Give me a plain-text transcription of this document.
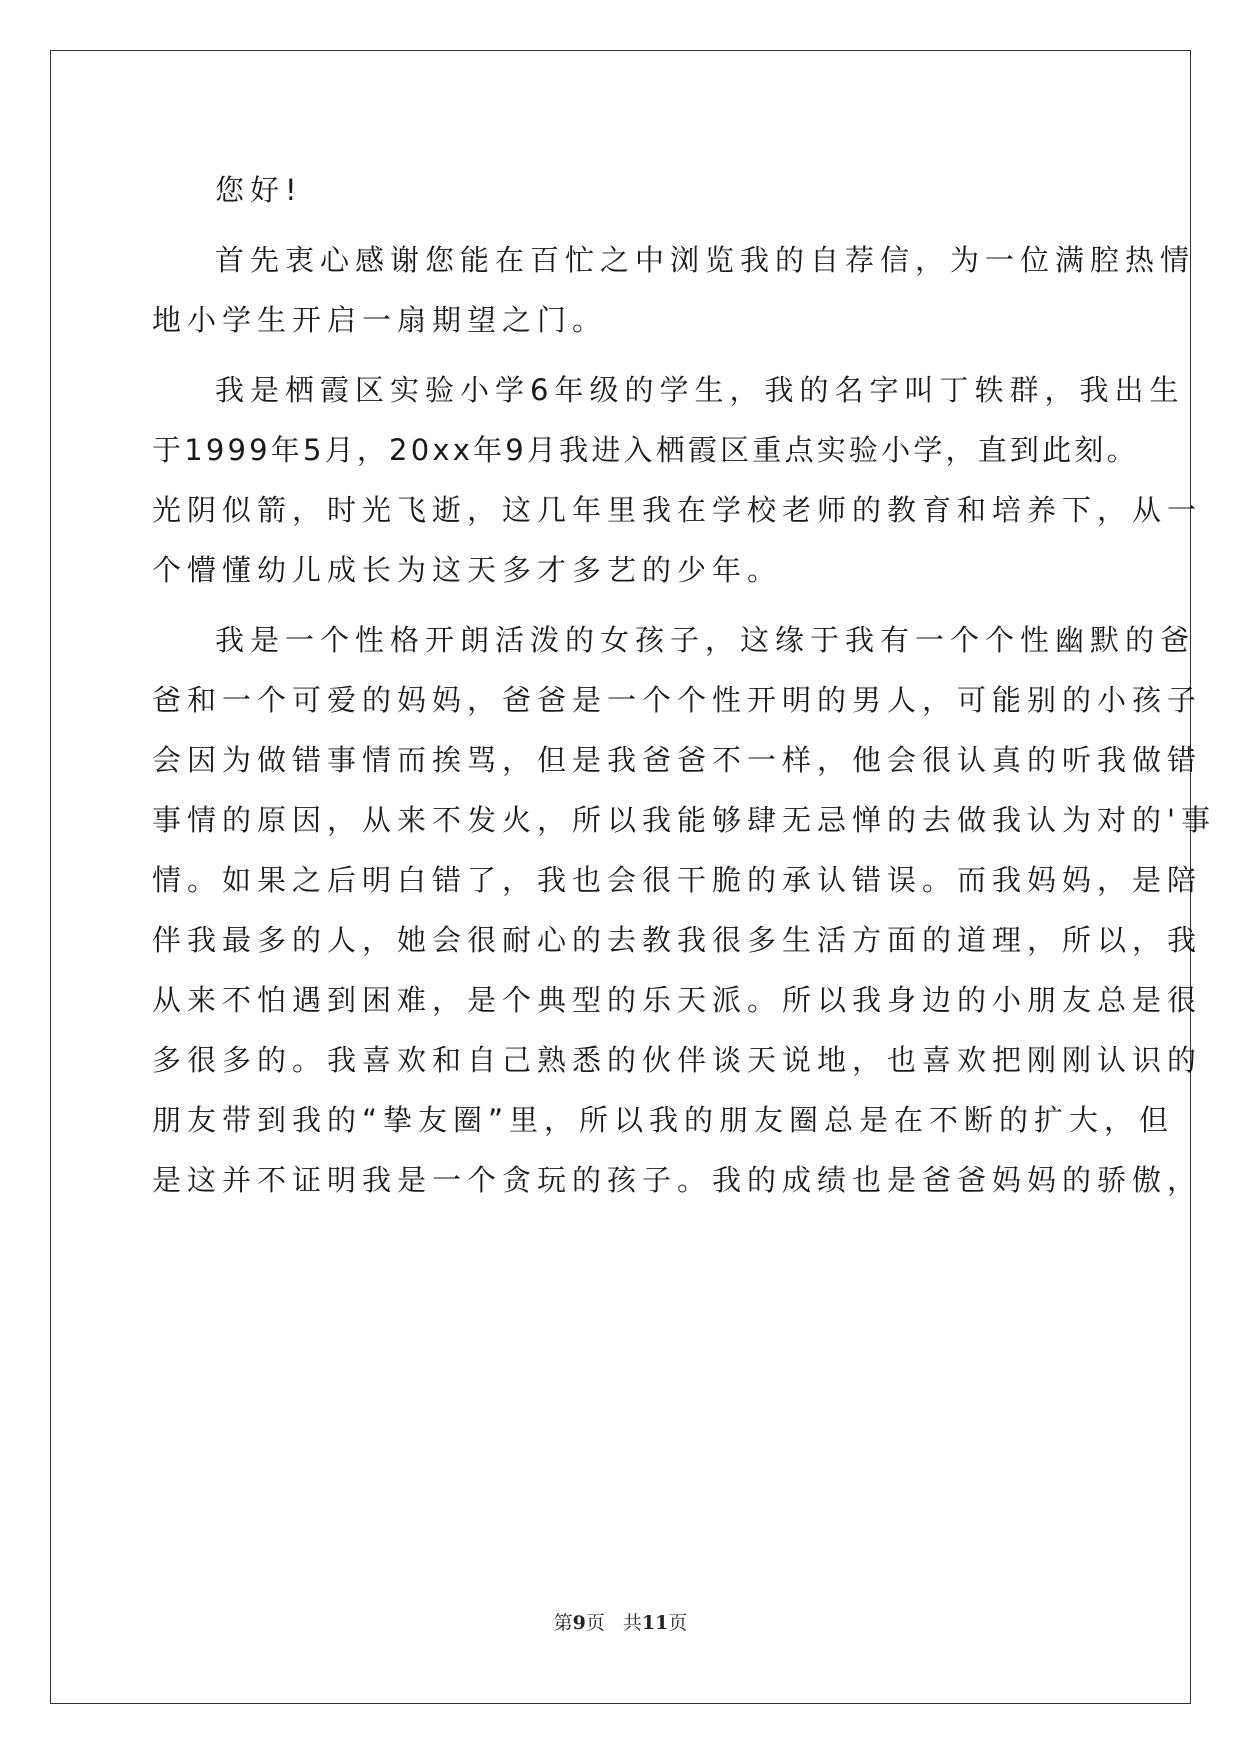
您好!
首先衷心感谢您能在百忙之中浏览我的自荐信，为一位满腔热情
地小学生开启一扇期望之门。
我是栖霞区实验小学6年级的学生，我的名字叫丁轶群，我出生
于1999年5月，20xx年9月我进入栖霞区重点实验小学，直到此刻。
光阴似箭，时光飞逝，这几年里我在学校老师的教育和培养下，从一
个懵懂幼儿成长为这天多才多艺的少年。
我是一个性格开朗活泼的女孩子，这缘于我有一个个性幽默的爸
爸和一个可爱的妈妈，爸爸是一个个性开明的男人，可能别的小孩子
会因为做错事情而挨骂，但是我爸爸不一样，他会很认真的听我做错
事情的原因，从来不发火，所以我能够肆无忌惮的去做我认为对的'事
情。如果之后明白错了，我也会很干脆的承认错误。而我妈妈，是陪
伴我最多的人，她会很耐心的去教我很多生活方面的道理，所以，我
从来不怕遇到困难，是个典型的乐天派。所以我身边的小朋友总是很
多很多的。我喜欢和自己熟悉的伙伴谈天说地，也喜欢把刚刚认识的
朋友带到我的“挚友圈”里，所以我的朋友圈总是在不断的扩大，但
是这并不证明我是一个贪玩的孩子。我的成绩也是爸爸妈妈的骄傲，
第9页 共11页
